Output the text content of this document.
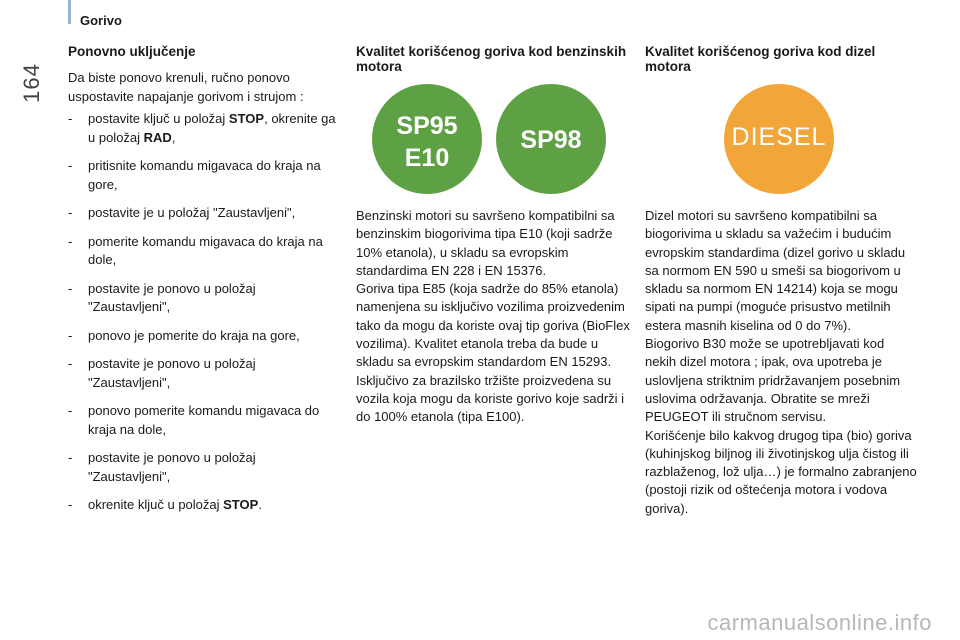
Gorivo
164
Ponovno uključenje

Da biste ponovo krenuli, ručno ponovo uspostavite napajanje gorivom i strujom :

- postavite ključ u položaj STOP, okrenite ga u položaj RAD,
- pritisnite komandu migavaca do kraja na gore,
- postavite je u položaj "Zaustavljeni",
- pomerite komandu migavaca do kraja na dole,
- postavite je ponovo u položaj "Zaustavljeni",
- ponovo je pomerite do kraja na gore,
- postavite je ponovo u položaj "Zaustavljeni",
- ponovo pomerite komandu migavaca do kraja na dole,
- postavite je ponovo u položaj "Zaustavljeni",
- okrenite ključ u položaj STOP.
Kvalitet korišćenog goriva kod benzinskih motora
SP95
E10
SP98

Benzinski motori su savršeno kompatibilni sa benzinskim biogorivima tipa E10 (koji sadrže 10% etanola), u skladu sa evropskim standardima EN 228 i EN 15376.

Goriva tipa E85 (koja sadrže do 85% etanola) namenjena su isključivo vozilima proizvedenim tako da mogu da koriste ovaj tip goriva (BioFlex vozilima). Kvalitet etanola treba da bude u skladu sa evropskim standardom EN 15293.

Isključivo za brazilsko tržište proizvedena su vozila koja mogu da koriste gorivo koje sadrži i do 100% etanola (tipa E100).

Kvalitet korišćenog goriva kod dizel motora
DIESEL

Dizel motori su savršeno kompatibilni sa biogorivima u skladu sa važećim i budućim evropskim standardima (dizel gorivo u skladu sa normom EN 590 u smeši sa biogorivom u skladu sa normom EN 14214) koja se mogu sipati na pumpi (moguće prisustvo metilnih estera masnih kiselina od 0 do 7%).

Biogorivo B30 može se upotrebljavati kod nekih dizel motora ; ipak, ova upotreba je uslovljena striktnim pridržavanjem posebnim uslovima održavanja. Obratite se mreži PEUGEOT ili stručnom servisu.

Korišćenje bilo kakvog drugog tipa (bio) goriva (kuhinjskog biljnog ili životinjskog ulja čistog ili razblaženog, lož ulja…) je formalno zabranjeno (postoji rizik od oštećenja motora i vodova goriva).

carmanualsonline.info
